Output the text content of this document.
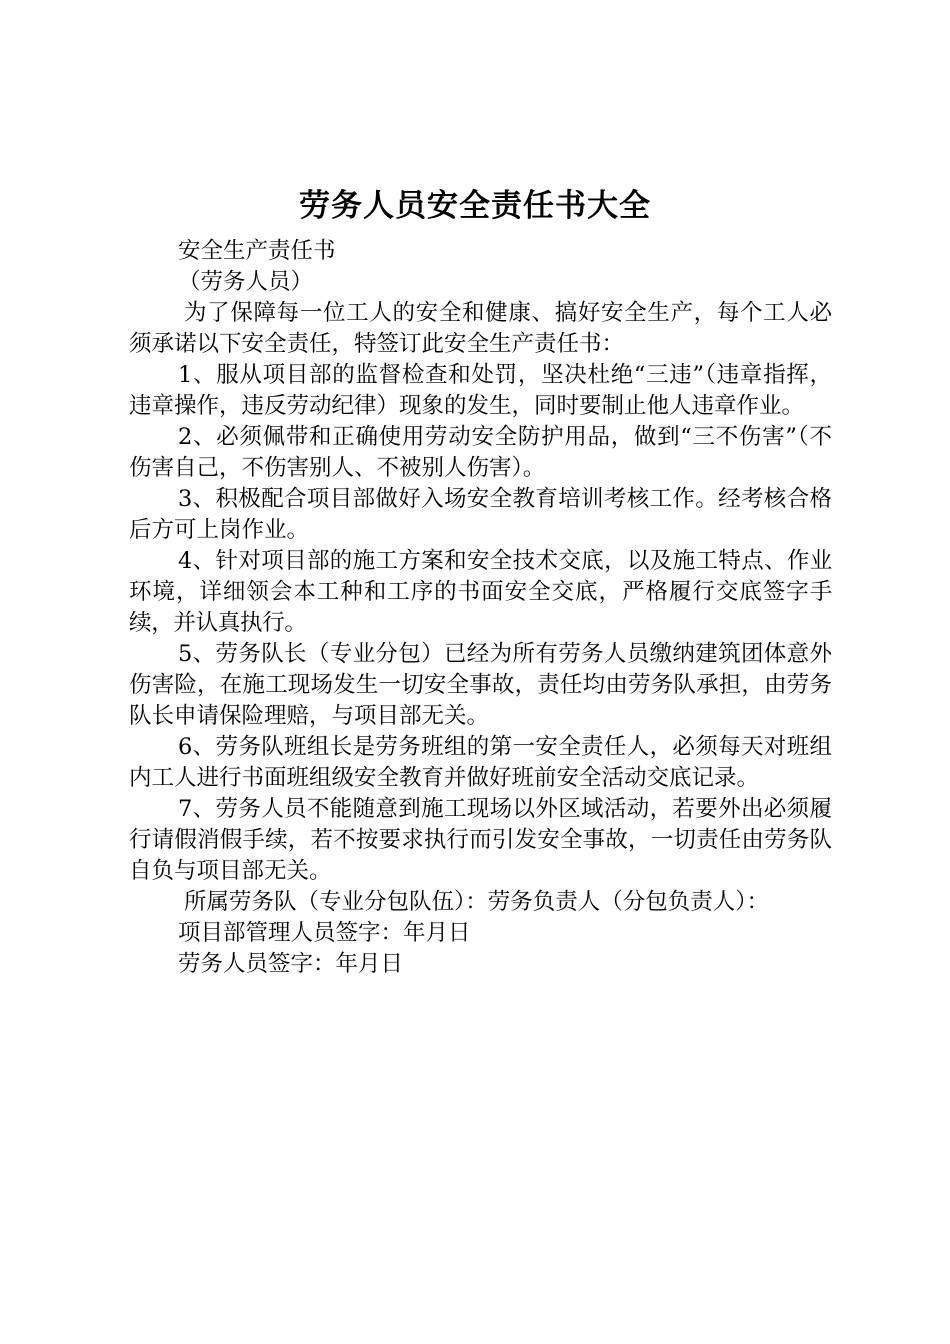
劳务人员安全责任书大全

安全生产责任书

（劳务人员）

为了保障每一位工人的安全和健康、搞好安全生产，每个工人必须承诺以下安全责任，特签订此安全生产责任书：

1、服从项目部的监督检查和处罚，坚决杜绝“三违”（违章指挥，违章操作，违反劳动纪律）现象的发生，同时要制止他人违章作业。

2、必须佩带和正确使用劳动安全防护用品，做到“三不伤害”（不伤害自己，不伤害别人、不被别人伤害）。

3、积极配合项目部做好入场安全教育培训考核工作。经考核合格后方可上岗作业。

4、针对项目部的施工方案和安全技术交底，以及施工特点、作业环境，详细领会本工种和工序的书面安全交底，严格履行交底签字手续，并认真执行。

5、劳务队长（专业分包）已经为所有劳务人员缴纳建筑团体意外伤害险，在施工现场发生一切安全事故，责任均由劳务队承担，由劳务队长申请保险理赔，与项目部无关。

6、劳务队班组长是劳务班组的第一安全责任人，必须每天对班组内工人进行书面班组级安全教育并做好班前安全活动交底记录。

7、劳务人员不能随意到施工现场以外区域活动，若要外出必须履行请假消假手续，若不按要求执行而引发安全事故，一切责任由劳务队自负与项目部无关。

所属劳务队（专业分包队伍）：劳务负责人（分包负责人）：

项目部管理人员签字：年月日

劳务人员签字：年月日
